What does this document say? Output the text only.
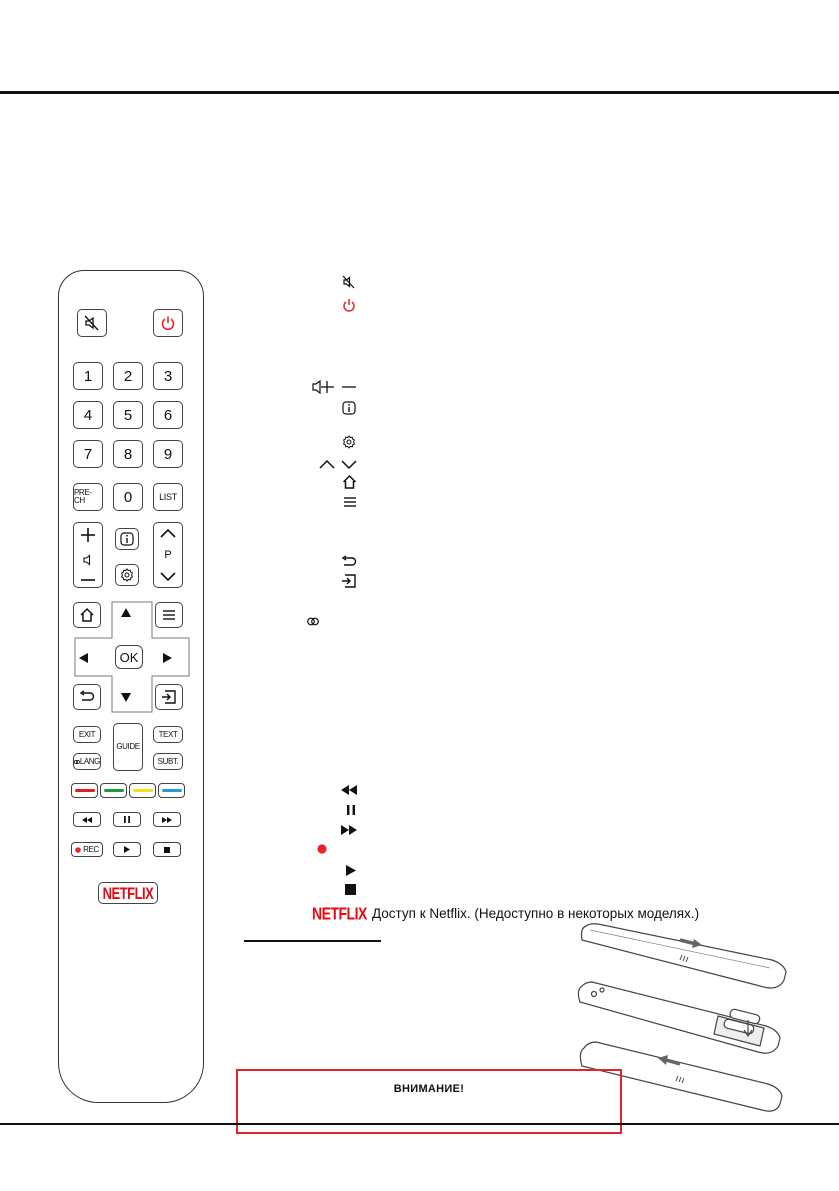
1	2	3
4	5	6
7	8	9
PRE-CH	0	LIST
P
OK
EXIT
GUIDE
TEXT
LANG	SUBT.
REC
NETFLIX
NETFLIX Доступ к Netflix. (Недоступно в некоторых моделях.)
ВНИМАНИЕ!
